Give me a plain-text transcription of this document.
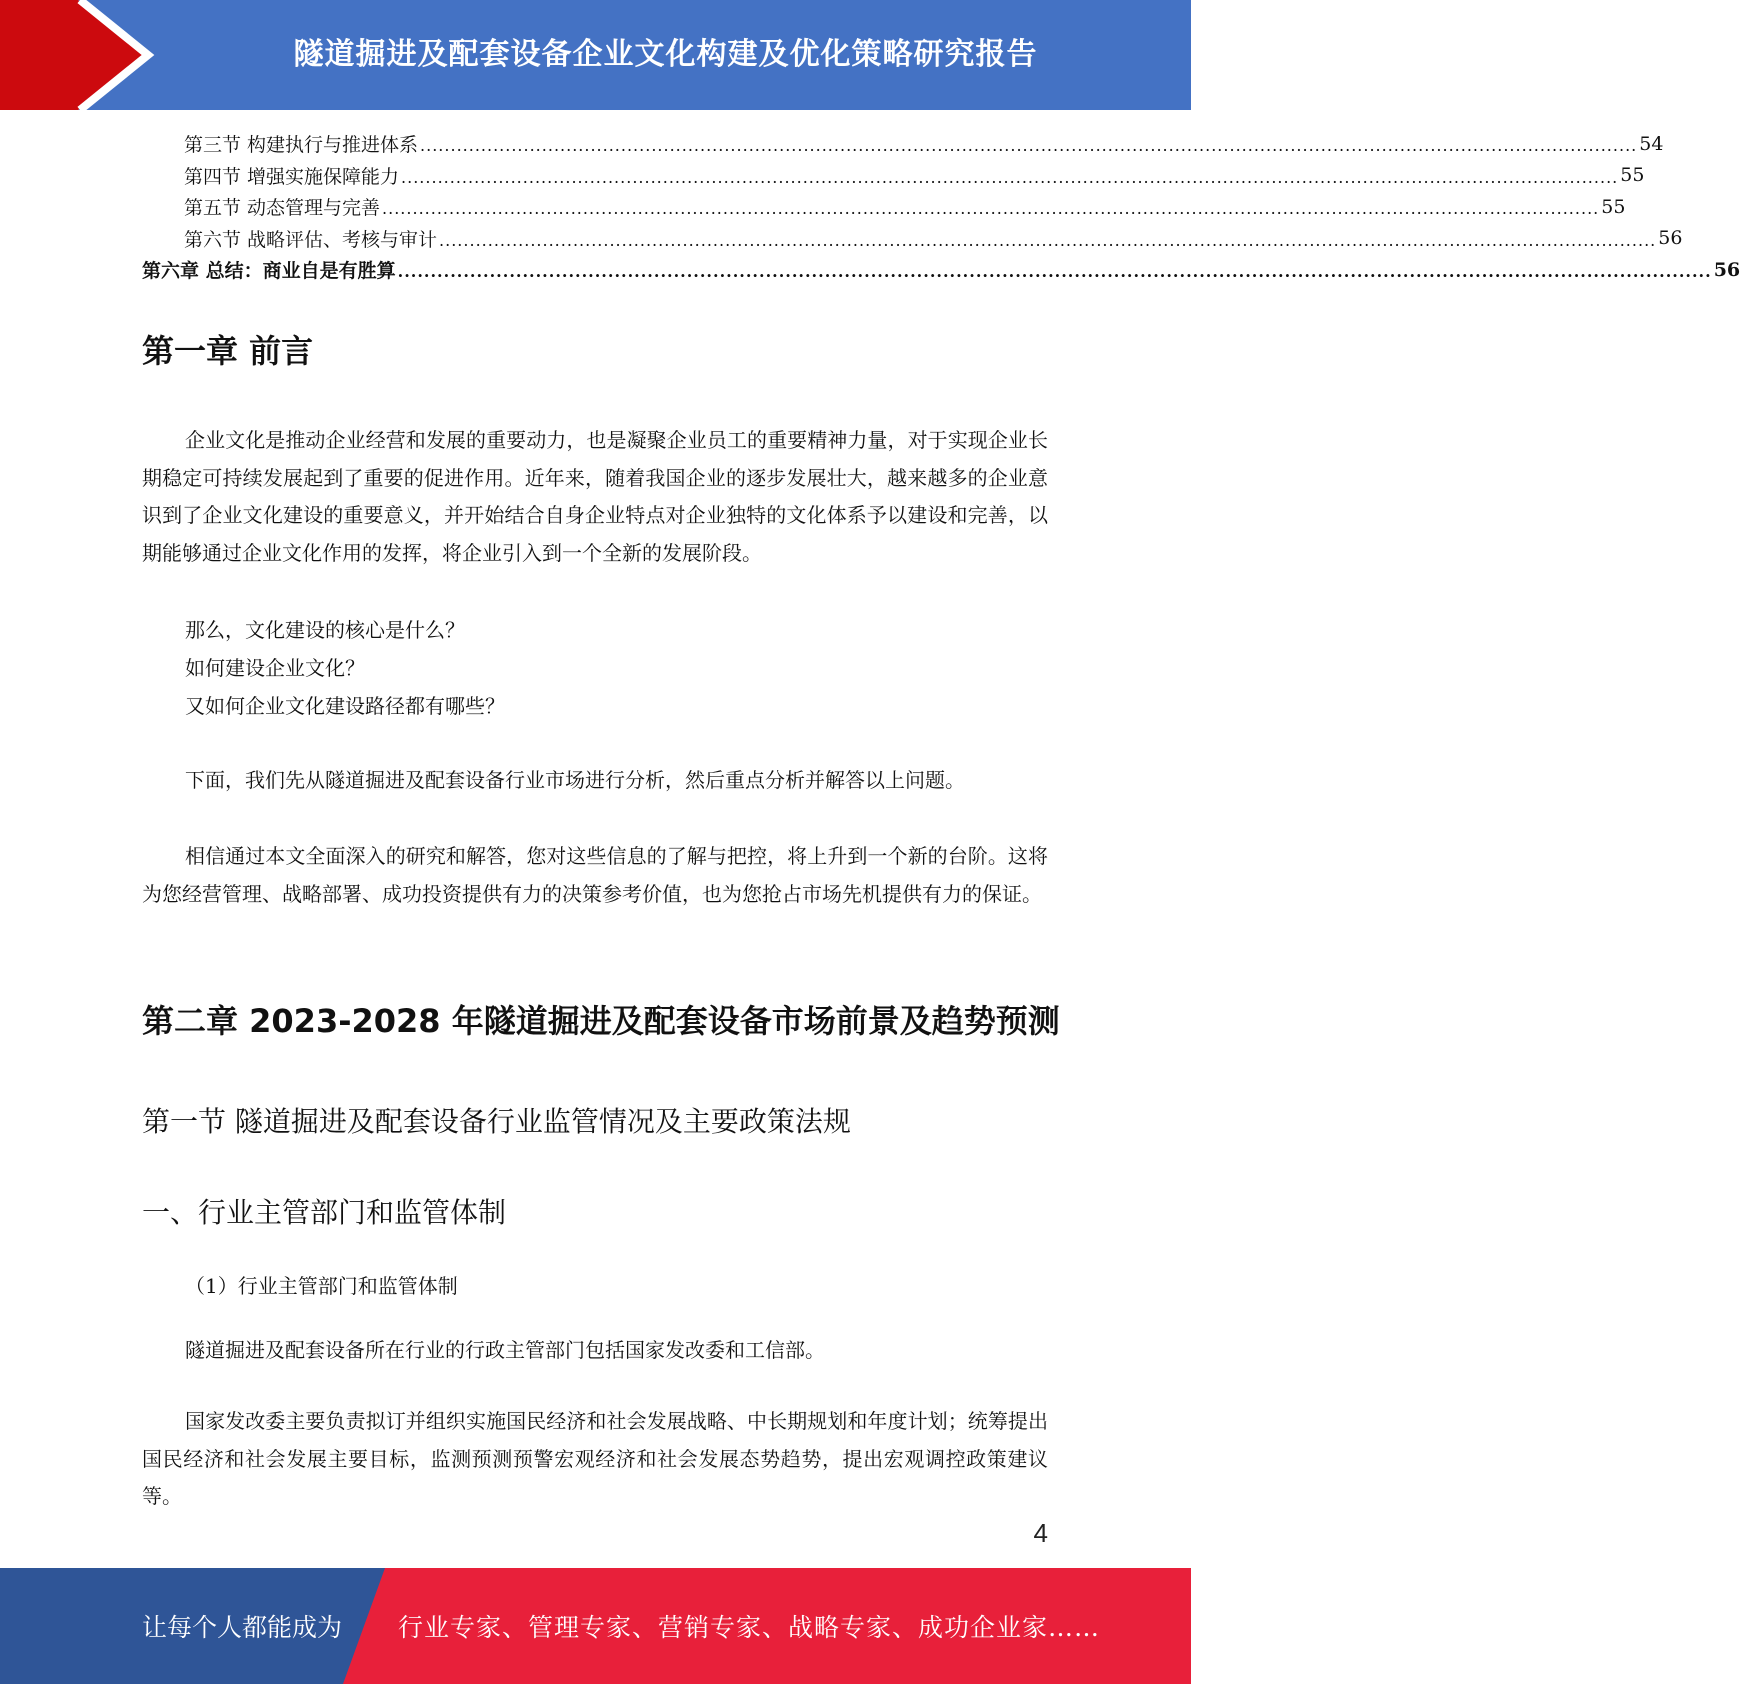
隧道掘进及配套设备企业文化构建及优化策略研究报告
第三节 构建执行与推进体系 ........................................................................................................................................................................................................ 54
第四节 增强实施保障能力 ........................................................................................................................................................................................................ 55
第五节 动态管理与完善 ........................................................................................................................................................................................................ 55
第六节 战略评估、考核与审计 ........................................................................................................................................................................................................ 56
第六章 总结：商业自是有胜算 ........................................................................................................................................................................................................ 56
第一章 前言
企业文化是推动企业经营和发展的重要动力，也是凝聚企业员工的重要精神力量，对于实现企业长期稳定可持续发展起到了重要的促进作用。近年来，随着我国企业的逐步发展壮大，越来越多的企业意识到了企业文化建设的重要意义，并开始结合自身企业特点对企业独特的文化体系予以建设和完善，以期能够通过企业文化作用的发挥，将企业引入到一个全新的发展阶段。
那么，文化建设的核心是什么？
如何建设企业文化？
又如何企业文化建设路径都有哪些？
下面，我们先从隧道掘进及配套设备行业市场进行分析，然后重点分析并解答以上问题。
相信通过本文全面深入的研究和解答，您对这些信息的了解与把控，将上升到一个新的台阶。这将为您经营管理、战略部署、成功投资提供有力的决策参考价值，也为您抢占市场先机提供有力的保证。
第二章 2023-2028 年隧道掘进及配套设备市场前景及趋势预测
第一节 隧道掘进及配套设备行业监管情况及主要政策法规
一、行业主管部门和监管体制
（1）行业主管部门和监管体制
隧道掘进及配套设备所在行业的行政主管部门包括国家发改委和工信部。
国家发改委主要负责拟订并组织实施国民经济和社会发展战略、中长期规划和年度计划；统筹提出国民经济和社会发展主要目标，监测预测预警宏观经济和社会发展态势趋势，提出宏观调控政策建议等。
4
让每个人都能成为 行业专家、管理专家、营销专家、战略专家、成功企业家……
